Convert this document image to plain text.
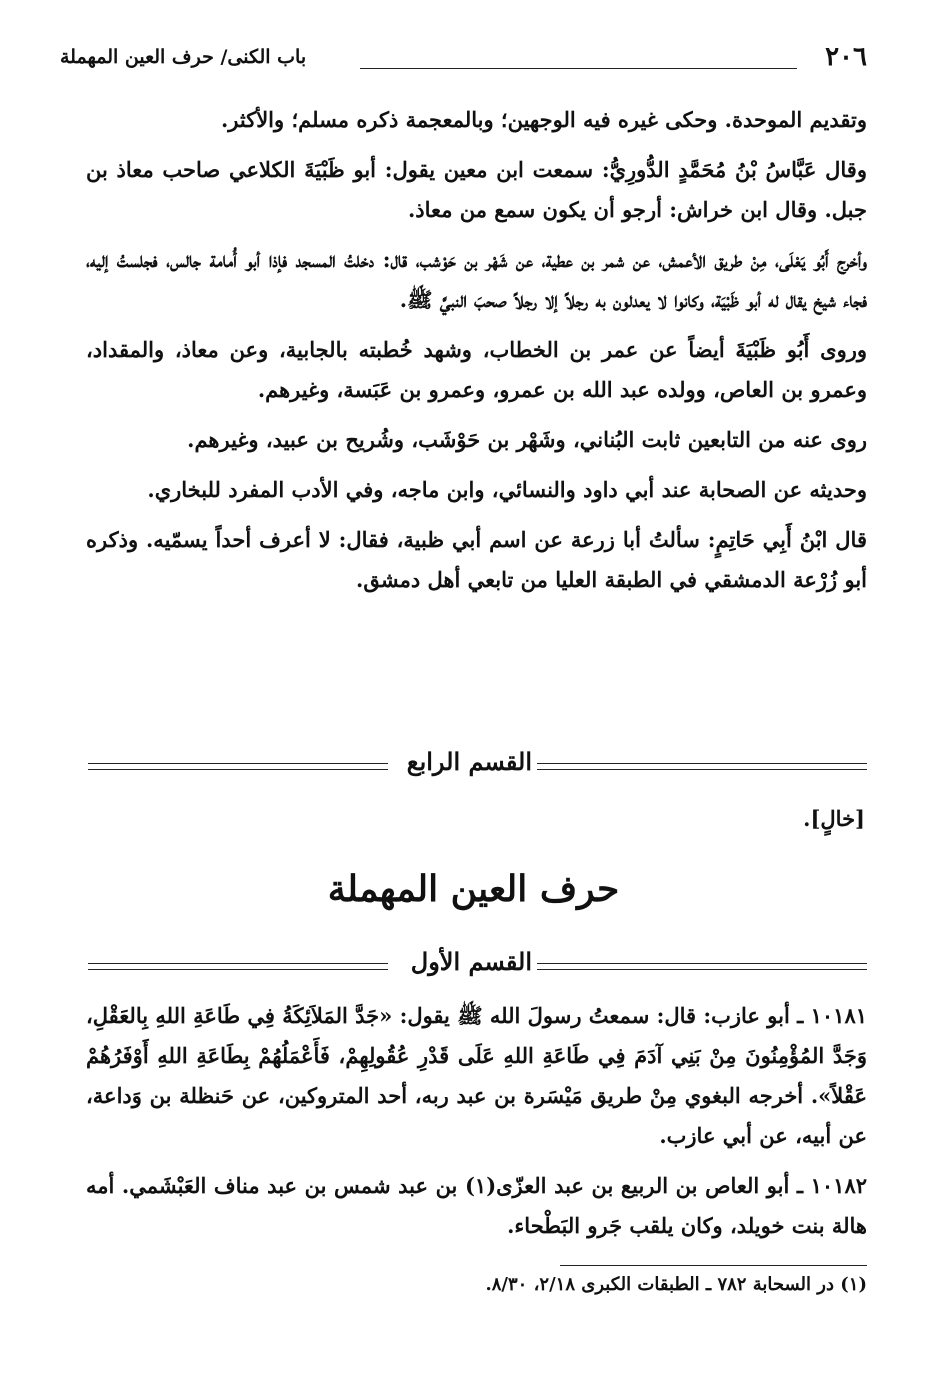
٢٠٦
باب الكنى/ حرف العين المهملة

وتقديم الموحدة. وحكى غيره فيه الوجهين؛ وبالمعجمة ذكره مسلم؛ والأكثر.

وقال عَبَّاسُ بْنُ مُحَمَّدٍ الدُّورِيُّ: سمعت ابن معين يقول: أبو ظَبْيَةَ الكلاعي صاحب معاذ بن جبل. وقال ابن خراش: أرجو أن يكون سمع من معاذ.

وأخرج أَبُو يَعْلَى، مِنْ طريق الأعمش، عن شمر بن عطية، عن شَهْر بن حَوْشب، قال: دخلتُ المسجد فإذا أبو أُمامة جالس، فجلستُ إليه، فجاء شيخ يقال له أبو ظَبْيَة، وكانوا لا يعدلون به رجلاً إلا رجلاً صحبَ النبيَّ ﷺ.

وروى أَبُو ظَبْيَةَ أيضاً عن عمر بن الخطاب، وشهد خُطبته بالجابية، وعن معاذ، والمقداد، وعمرو بن العاص، وولده عبد الله بن عمرو، وعمرو بن عَبَسة، وغيرهم.

روى عنه من التابعين ثابت البُناني، وشَهْر بن حَوْشَب، وشُريح بن عبيد، وغيرهم.

وحديثه عن الصحابة عند أبي داود والنسائي، وابن ماجه، وفي الأدب المفرد للبخاري.

قال ابْنُ أَبِي حَاتِمٍ: سألتُ أبا زرعة عن اسم أبي ظبية، فقال: لا أعرف أحداً يسمّيه. وذكره أبو زُرْعة الدمشقي في الطبقة العليا من تابعي أهل دمشق.

القسم الرابع
[خالٍ].
حرف العين المهملة
القسم الأول

١٠١٨١ ـ أبو عازب: قال: سمعتُ رسولَ الله ﷺ يقول: «جَدَّ المَلاَئِكَةُ فِي طَاعَةِ اللهِ بِالعَقْلِ، وَجَدَّ المُؤْمِنُونَ مِنْ بَنِي آدَمَ فِي طَاعَةِ اللهِ عَلَى قَدْرِ عُقُولِهِمْ، فَأَعْمَلُهُمْ بِطَاعَةِ اللهِ أَوْفَرُهُمْ عَقْلاً». أخرجه البغوي مِنْ طريق مَيْسَرة بن عبد ربه، أحد المتروكين، عن حَنظلة بن وَداعة، عن أبيه، عن أبي عازب.

١٠١٨٢ ـ أبو العاص بن الربيع بن عبد العزّى(١) بن عبد شمس بن عبد مناف العَبْشَمي. أمه هالة بنت خويلد، وكان يلقب جَرو البَطْحاء.

(١) در السحابة ٧٨٢ ـ الطبقات الكبرى ٢/١٨، ٨/٣٠.
